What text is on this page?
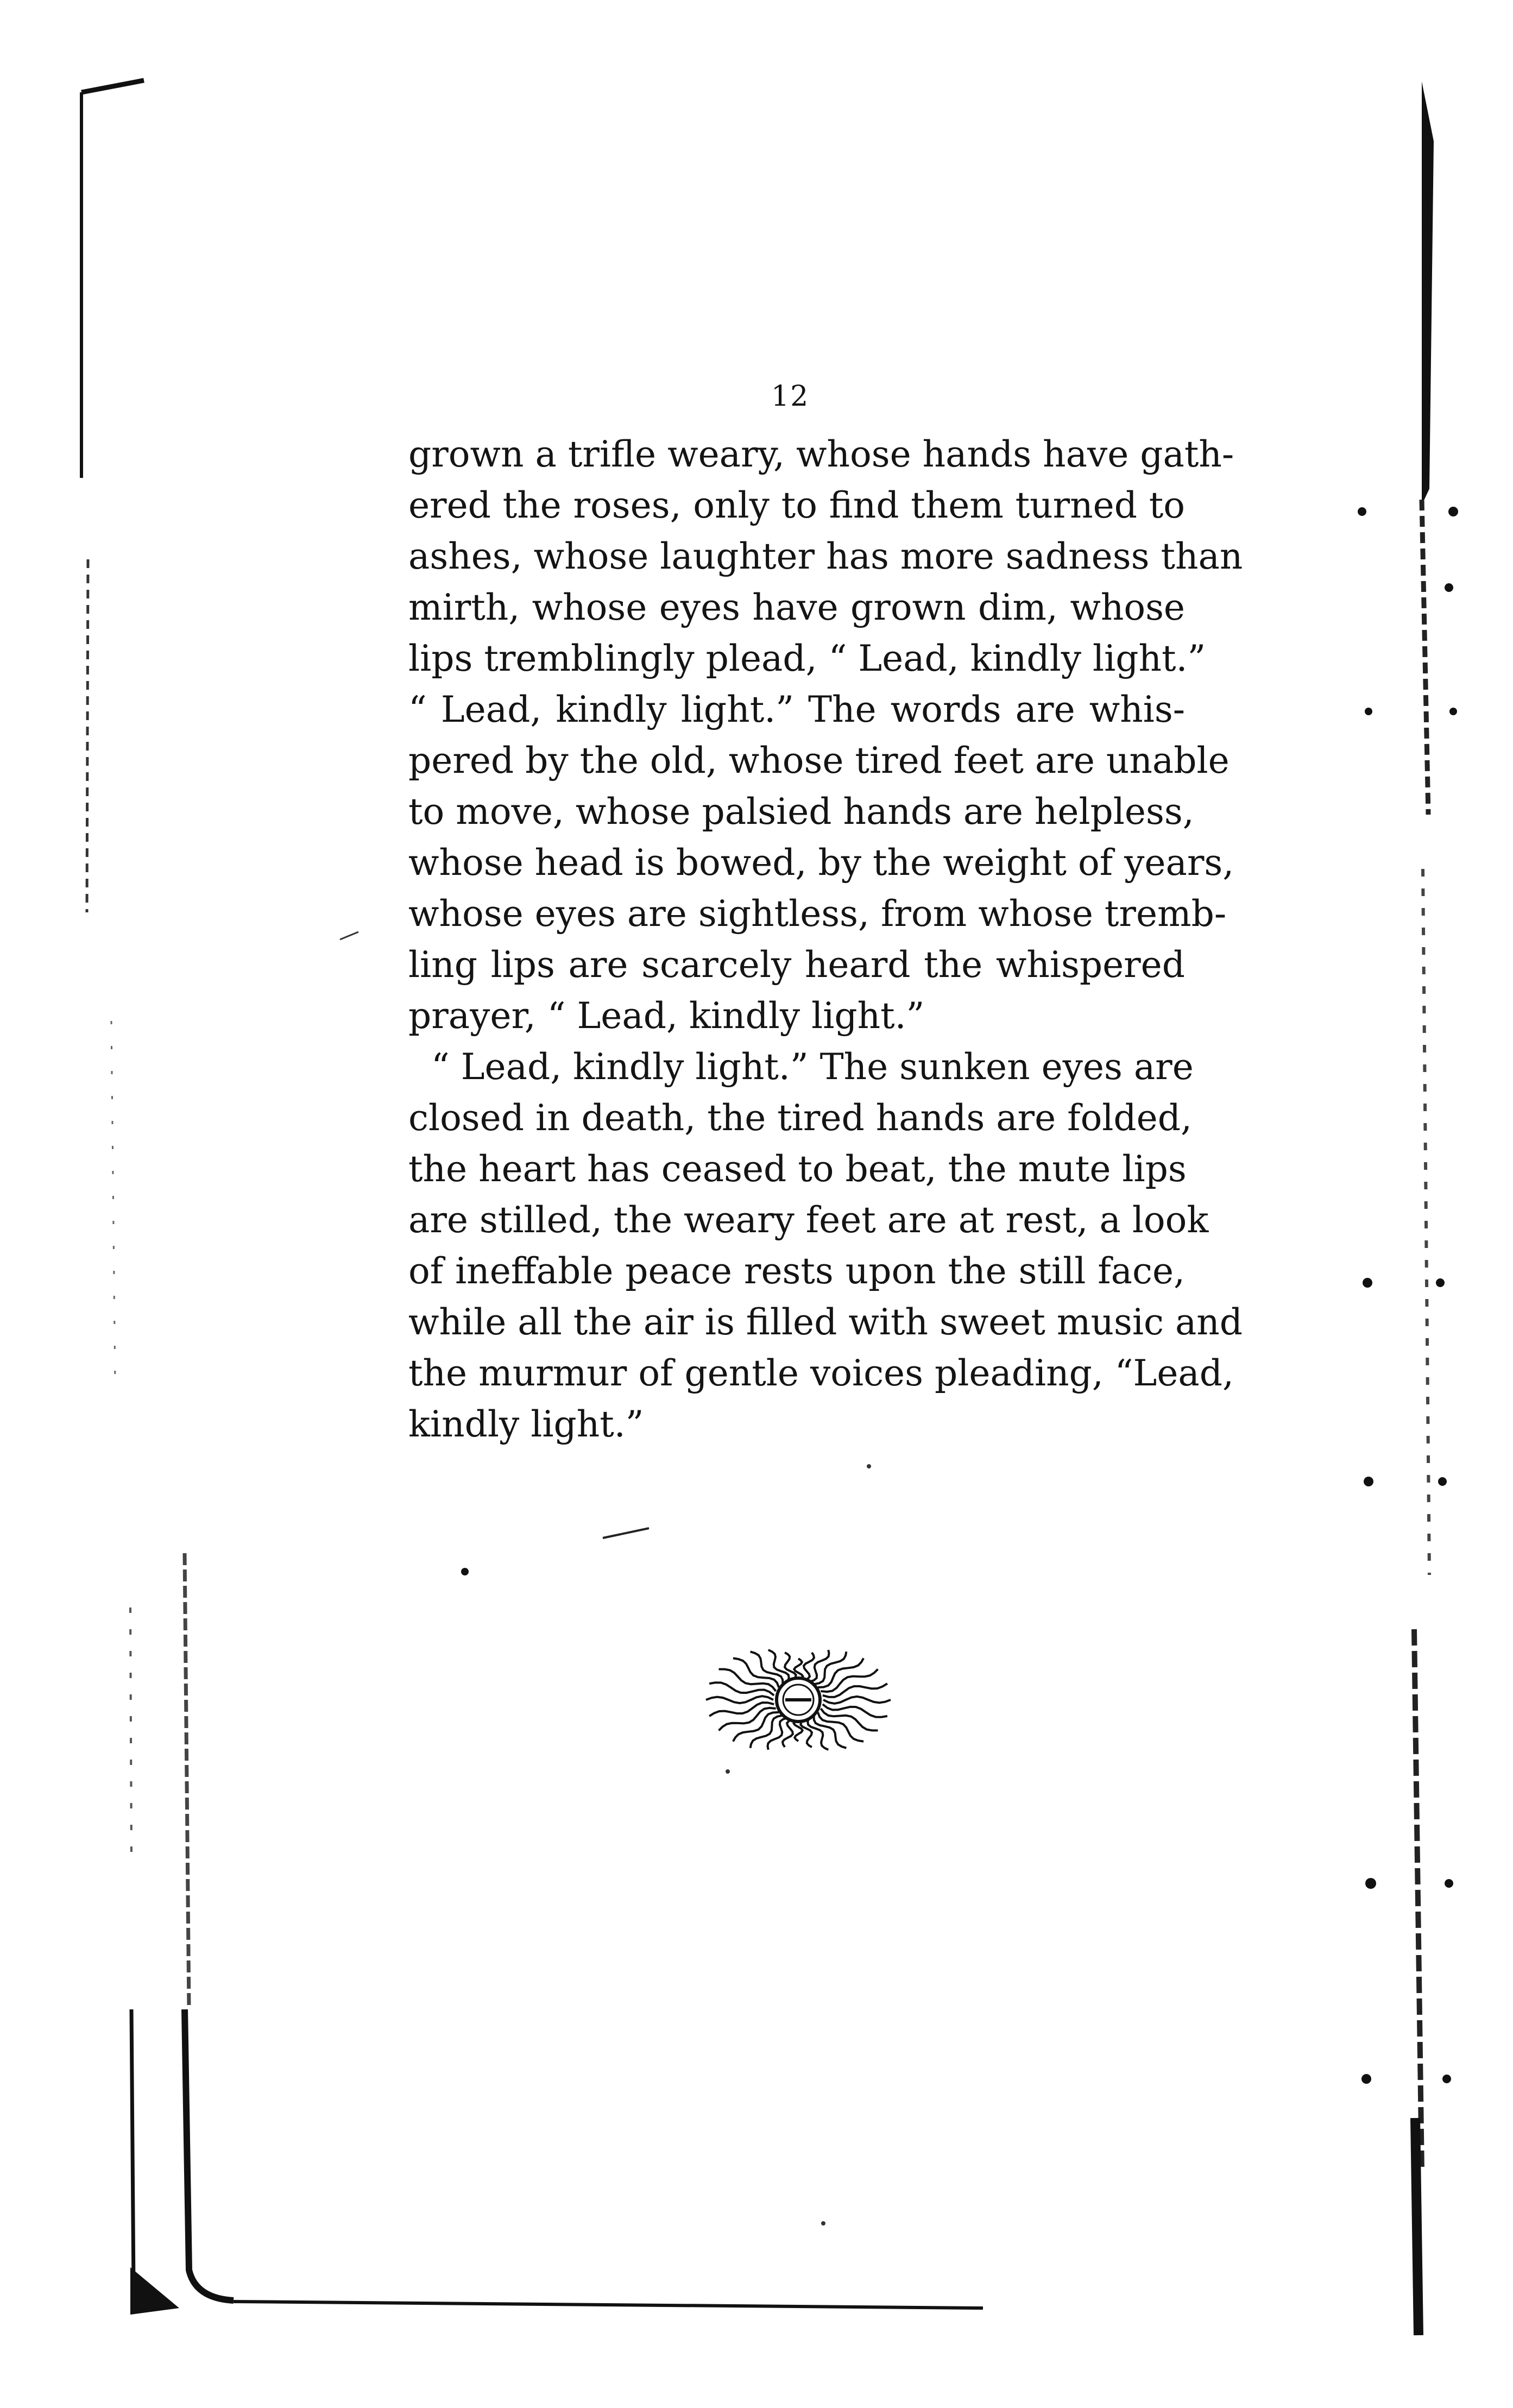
12
grown a trifle weary, whose hands have gath-
ered the roses, only to find them turned to
ashes, whose laughter has more sadness than
mirth, whose eyes have grown dim, whose
lips tremblingly plead, “ Lead, kindly light.”
“ Lead, kindly light.” The words are whis-
pered by the old, whose tired feet are unable
to move, whose palsied hands are helpless,
whose head is bowed, by the weight of years,
whose eyes are sightless, from whose tremb-
ling lips are scarcely heard the whispered
prayer, “ Lead, kindly light.”
“ Lead, kindly light.” The sunken eyes are
closed in death, the tired hands are folded,
the heart has ceased to beat, the mute lips
are stilled, the weary feet are at rest, a look
of ineffable peace rests upon the still face,
while all the air is filled with sweet music and
the murmur of gentle voices pleading, “Lead,
kindly light.”
